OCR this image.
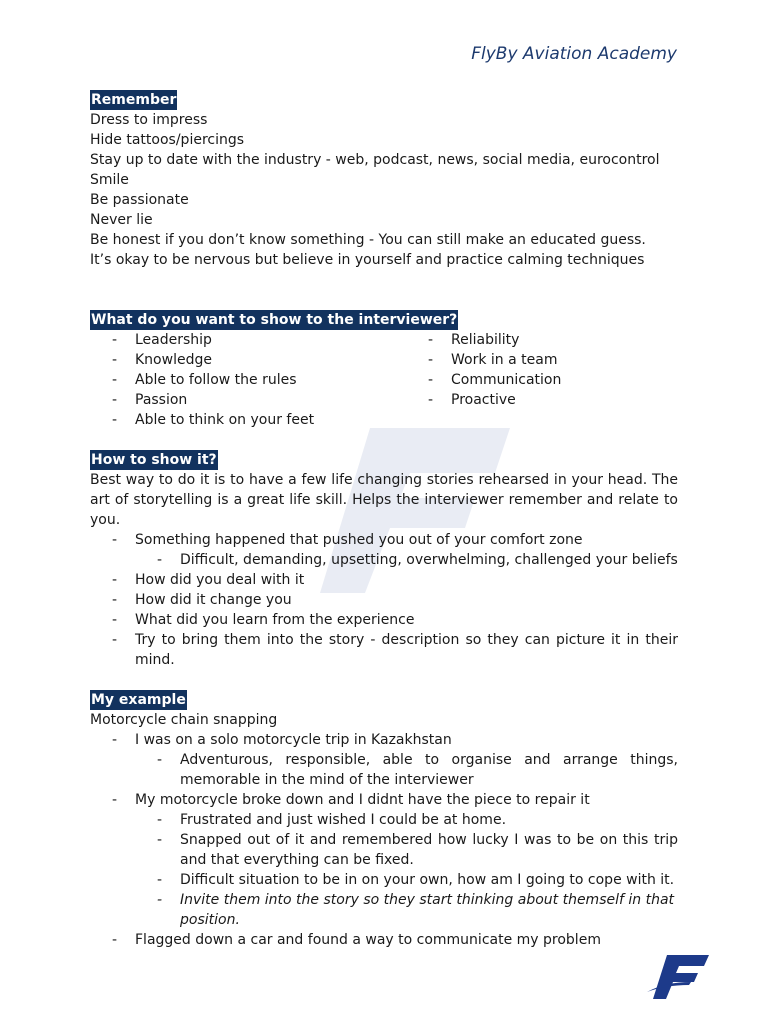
FlyBy Aviation Academy
Remember
Dress to impress
Hide tattoos/piercings
Stay up to date with the industry - web, podcast, news, social media, eurocontrol
Smile
Be passionate
Never lie
Be honest if you don’t know something - You can still make an educated guess.
It’s okay to be nervous but believe in yourself and practice calming techniques
What do you want to show to the interviewer?
- Leadership
- Knowledge
- Able to follow the rules
- Passion
- Able to think on your feet
- Reliability
- Work in a team
- Communication
- Proactive
How to show it?
Best way to do it is to have a few life changing stories rehearsed in your head. The art of storytelling is a great life skill. Helps the interviewer remember and relate to you.
- Something happened that pushed you out of your comfort zone
- Difficult, demanding, upsetting, overwhelming, challenged your beliefs
- How did you deal with it
- How did it change you
- What did you learn from the experience
- Try to bring them into the story - description so they can picture it in their mind.
My example
Motorcycle chain snapping
- I was on a solo motorcycle trip in Kazakhstan
- Adventurous, responsible, able to organise and arrange things, memorable in the mind of the interviewer
- My motorcycle broke down and I didnt have the piece to repair it
- Frustrated and just wished I could be at home.
- Snapped out of it and remembered how lucky I was to be on this trip and that everything can be fixed.
- Difficult situation to be in on your own, how am I going to cope with it.
- Invite them into the story so they start thinking about themself in that position.
- Flagged down a car and found a way to communicate my problem
